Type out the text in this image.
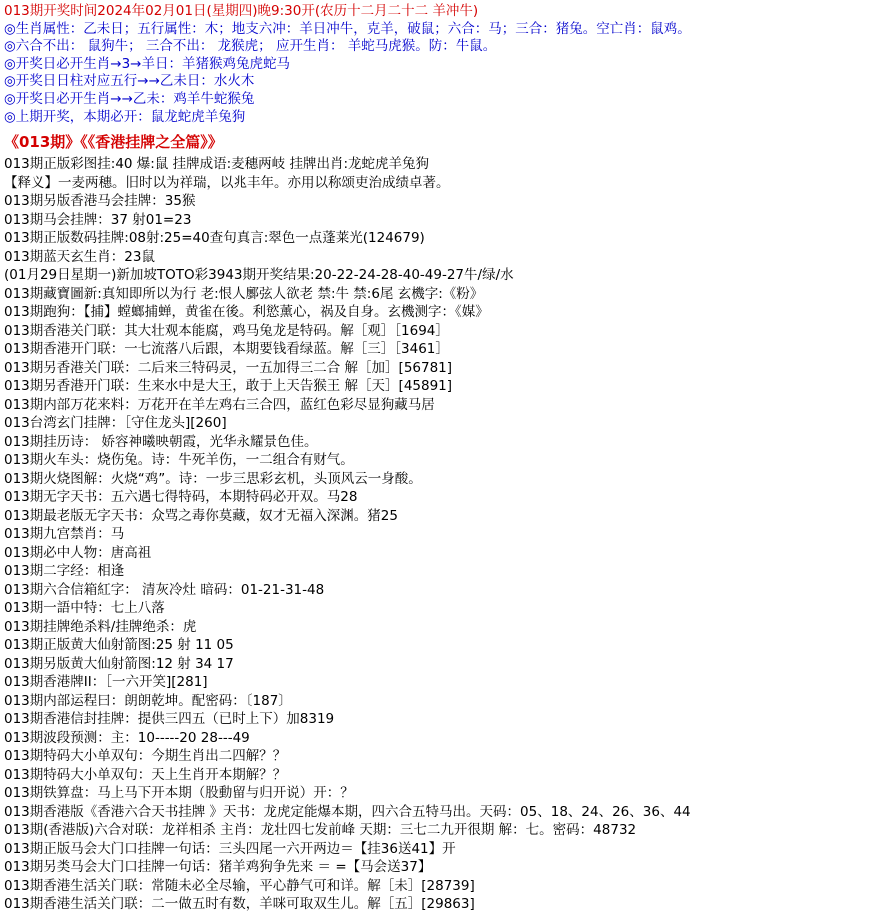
013期开奖时间2024年02月01日(星期四)晚9:30开(农历十二月二十二 羊冲牛)
◎生肖属性：乙未日；五行属性：木；地支六冲：羊日冲牛，克羊，破鼠；六合：马；三合：猪兔。空亡肖：鼠鸡。
◎六合不出： 鼠狗牛； 三合不出： 龙猴虎； 应开生肖： 羊蛇马虎猴。防：牛鼠。
◎开奖日必开生肖→3→羊日：羊猪猴鸡兔虎蛇马
◎开奖日日柱对应五行→→乙未日：水火木
◎开奖日必开生肖→→乙未：鸡羊牛蛇猴兔
◎上期开奖，本期必开：鼠龙蛇虎羊兔狗
《013期》《《香港挂牌之全篇》》
013期正版彩图挂:40 爆:鼠 挂牌成语:麦穗两岐 挂牌出肖:龙蛇虎羊兔狗
【释义】一麦两穗。旧时以为祥瑞，以兆丰年。亦用以称颂吏治成绩卓著。
013期另版香港马会挂牌：35猴
013期马会挂牌：37 射01=23
013期正版数码挂牌:08射:25=40查句真言:翠色一点蓬莱光(124679)
013期蓝天玄生肖：23鼠
(01月29日星期一)新加坡TOTO彩3943期开奖结果:20-22-24-28-40-49-27牛/绿/水
013期藏寶圖新:真知即所以为行 老:恨人鄽弦人欲老 禁:牛 禁:6尾 玄機字:《粉》
013期跑狗：【捕】螳螂捕蝉，黄雀在後。利慾薰心，祸及自身。玄機测字：《媒》
013期香港关门联：其大壮观本能腐，鸡马兔龙是特码。解［观］［1694］
013期香港开门联：一七流落八后跟，本期要钱看绿蓝。解［三］［3461］
013期另香港关门联：二后来三特码灵，一五加得三二合 解［加］[56781]
013期另香港开门联：生来水中是大王，敢于上天告猴王 解［天］[45891]
013期内部万花来料：万花开在羊左鸡右三合四，蓝红色彩尽显狗藏马居
013台湾玄门挂牌：［守住龙头][260]
013期挂历诗： 娇容神曦映朝霞，光华永耀景色佳。
013期火车头：烧伤兔。诗：牛死羊伤，一二组合有财气。
013期火烧图解：火烧“鸡”。诗：一步三思彩玄机，头顶风云一身酸。
013期无字天书：五六遇七得特码，本期特码必开双。马28
013期最老版无字天书：众骂之毒你莫藏，奴才无福入深渊。猪25
013期九宫禁肖：马
013期必中人物：唐高祖
013期二字经：相逢
013期六合信箱紅字： 清灰冷灶 暗码：01-21-31-48
013期一語中特：七上八落
013期挂牌绝杀料/挂牌绝杀：虎
013期正版黄大仙射箭图:25 射 11 05
013期另版黄大仙射箭图:12 射 34 17
013期香港牌II：［一六开笑][281]
013期内部运程曰：朗朗乾坤。配密码：〔187〕
013期香港信封挂牌：提供三四五（已时上下）加8319
013期波段预测：主：10-----20 28---49
013期特码大小单双句：今期生肖出二四解？？
013期特码大小单双句：天上生肖开本期解？？
013期铁算盘：马上马下开本期（股動留与归开说）开：？
013期香港版《香港六合天书挂牌 》天书：龙虎定能爆本期，四六合五特马出。天码：05、18、24、26、36、44
013期(香港版)六合对联：龙祥相杀 主肖：龙壮四七发前峰 天期：三七二九开很期 解：七。密码：48732
013期正版马会大门口挂牌一句话：三头四尾一六开两边＝【挂36送41】开
013期另类马会大门口挂牌一句话：猪羊鸡狗争先来 ＝ =【马会送37】
013期香港生活关门联：常随未必全尽输，平心静气可和详。解［未］[28739]
013期香港生活关门联：二一做五时有数，羊咪可取双生儿。解［五］[29863]
